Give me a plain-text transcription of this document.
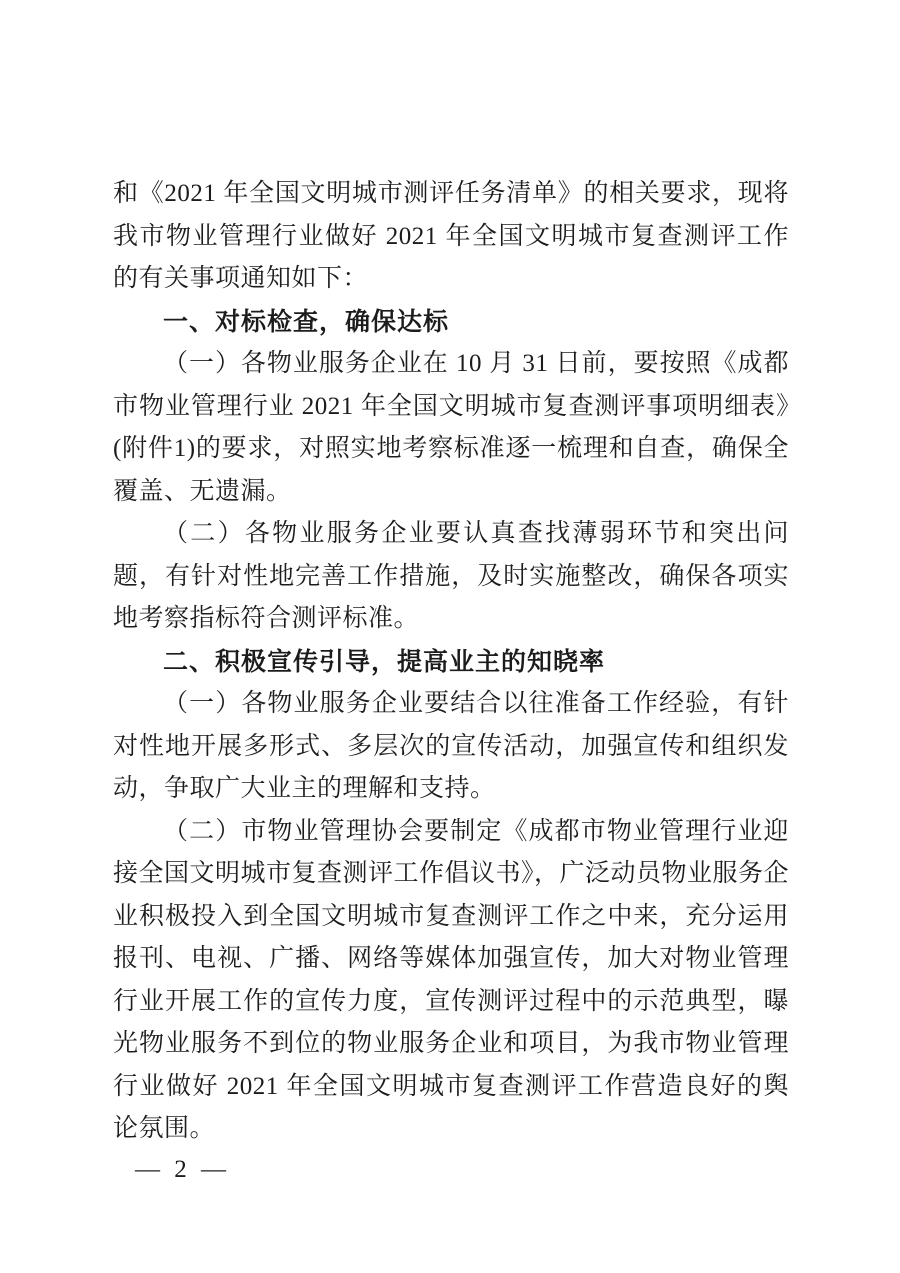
和《2021 年全国文明城市测评任务清单》的相关要求，现将我市物业管理行业做好 2021 年全国文明城市复查测评工作的有关事项通知如下：

一、对标检查，确保达标

（一）各物业服务企业在 10 月 31 日前，要按照《成都市物业管理行业 2021 年全国文明城市复查测评事项明细表》(附件1)的要求，对照实地考察标准逐一梳理和自查，确保全覆盖、无遗漏。

（二）各物业服务企业要认真查找薄弱环节和突出问题，有针对性地完善工作措施，及时实施整改，确保各项实地考察指标符合测评标准。

二、积极宣传引导，提高业主的知晓率

（一）各物业服务企业要结合以往准备工作经验，有针对性地开展多形式、多层次的宣传活动，加强宣传和组织发动，争取广大业主的理解和支持。

（二）市物业管理协会要制定《成都市物业管理行业迎接全国文明城市复查测评工作倡议书》，广泛动员物业服务企业积极投入到全国文明城市复查测评工作之中来，充分运用报刊、电视、广播、网络等媒体加强宣传，加大对物业管理行业开展工作的宣传力度，宣传测评过程中的示范典型，曝光物业服务不到位的物业服务企业和项目，为我市物业管理行业做好 2021 年全国文明城市复查测评工作营造良好的舆论氛围。

— 2 —
